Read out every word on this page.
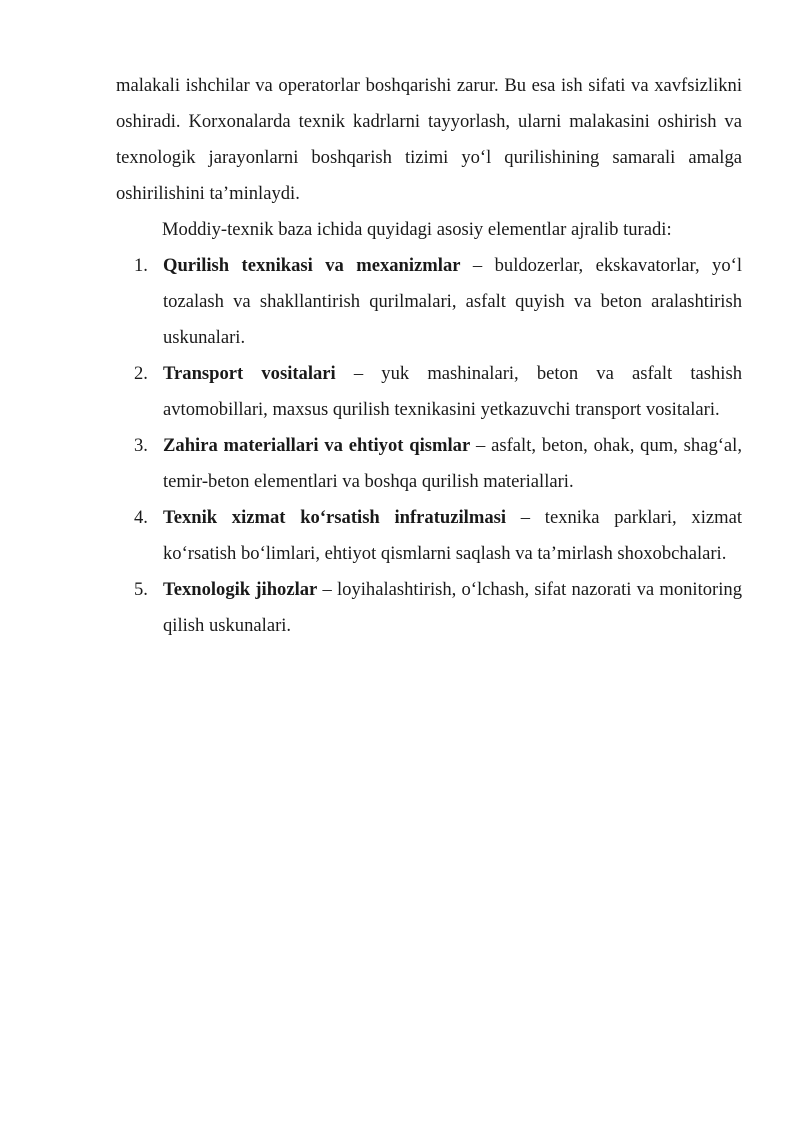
malakali ishchilar va operatorlar boshqarishi zarur. Bu esa ish sifati va xavfsizlikni oshiradi. Korxonalarda texnik kadrlarni tayyorlash, ularni malakasini oshirish va texnologik jarayonlarni boshqarish tizimi yo‘l qurilishining samarali amalga oshirilishini ta’minlaydi.

Moddiy-texnik baza ichida quyidagi asosiy elementlar ajralib turadi:

1. Qurilish texnikasi va mexanizmlar – buldozerlar, ekskavatorlar, yo‘l tozalash va shakllantirish qurilmalari, asfalt quyish va beton aralashtirish uskunalari.
2. Transport vositalari – yuk mashinalari, beton va asfalt tashish avtomobillari, maxsus qurilish texnikasini yetkazuvchi transport vositalari.
3. Zahira materiallari va ehtiyot qismlar – asfalt, beton, ohak, qum, shag‘al, temir-beton elementlari va boshqa qurilish materiallari.
4. Texnik xizmat ko‘rsatish infratuzilmasi – texnika parklari, xizmat ko‘rsatish bo‘limlari, ehtiyot qismlarni saqlash va ta’mirlash shoxobchalari.
5. Texnologik jihozlar – loyihalashtirish, o‘lchash, sifat nazorati va monitoring qilish uskunalari.
